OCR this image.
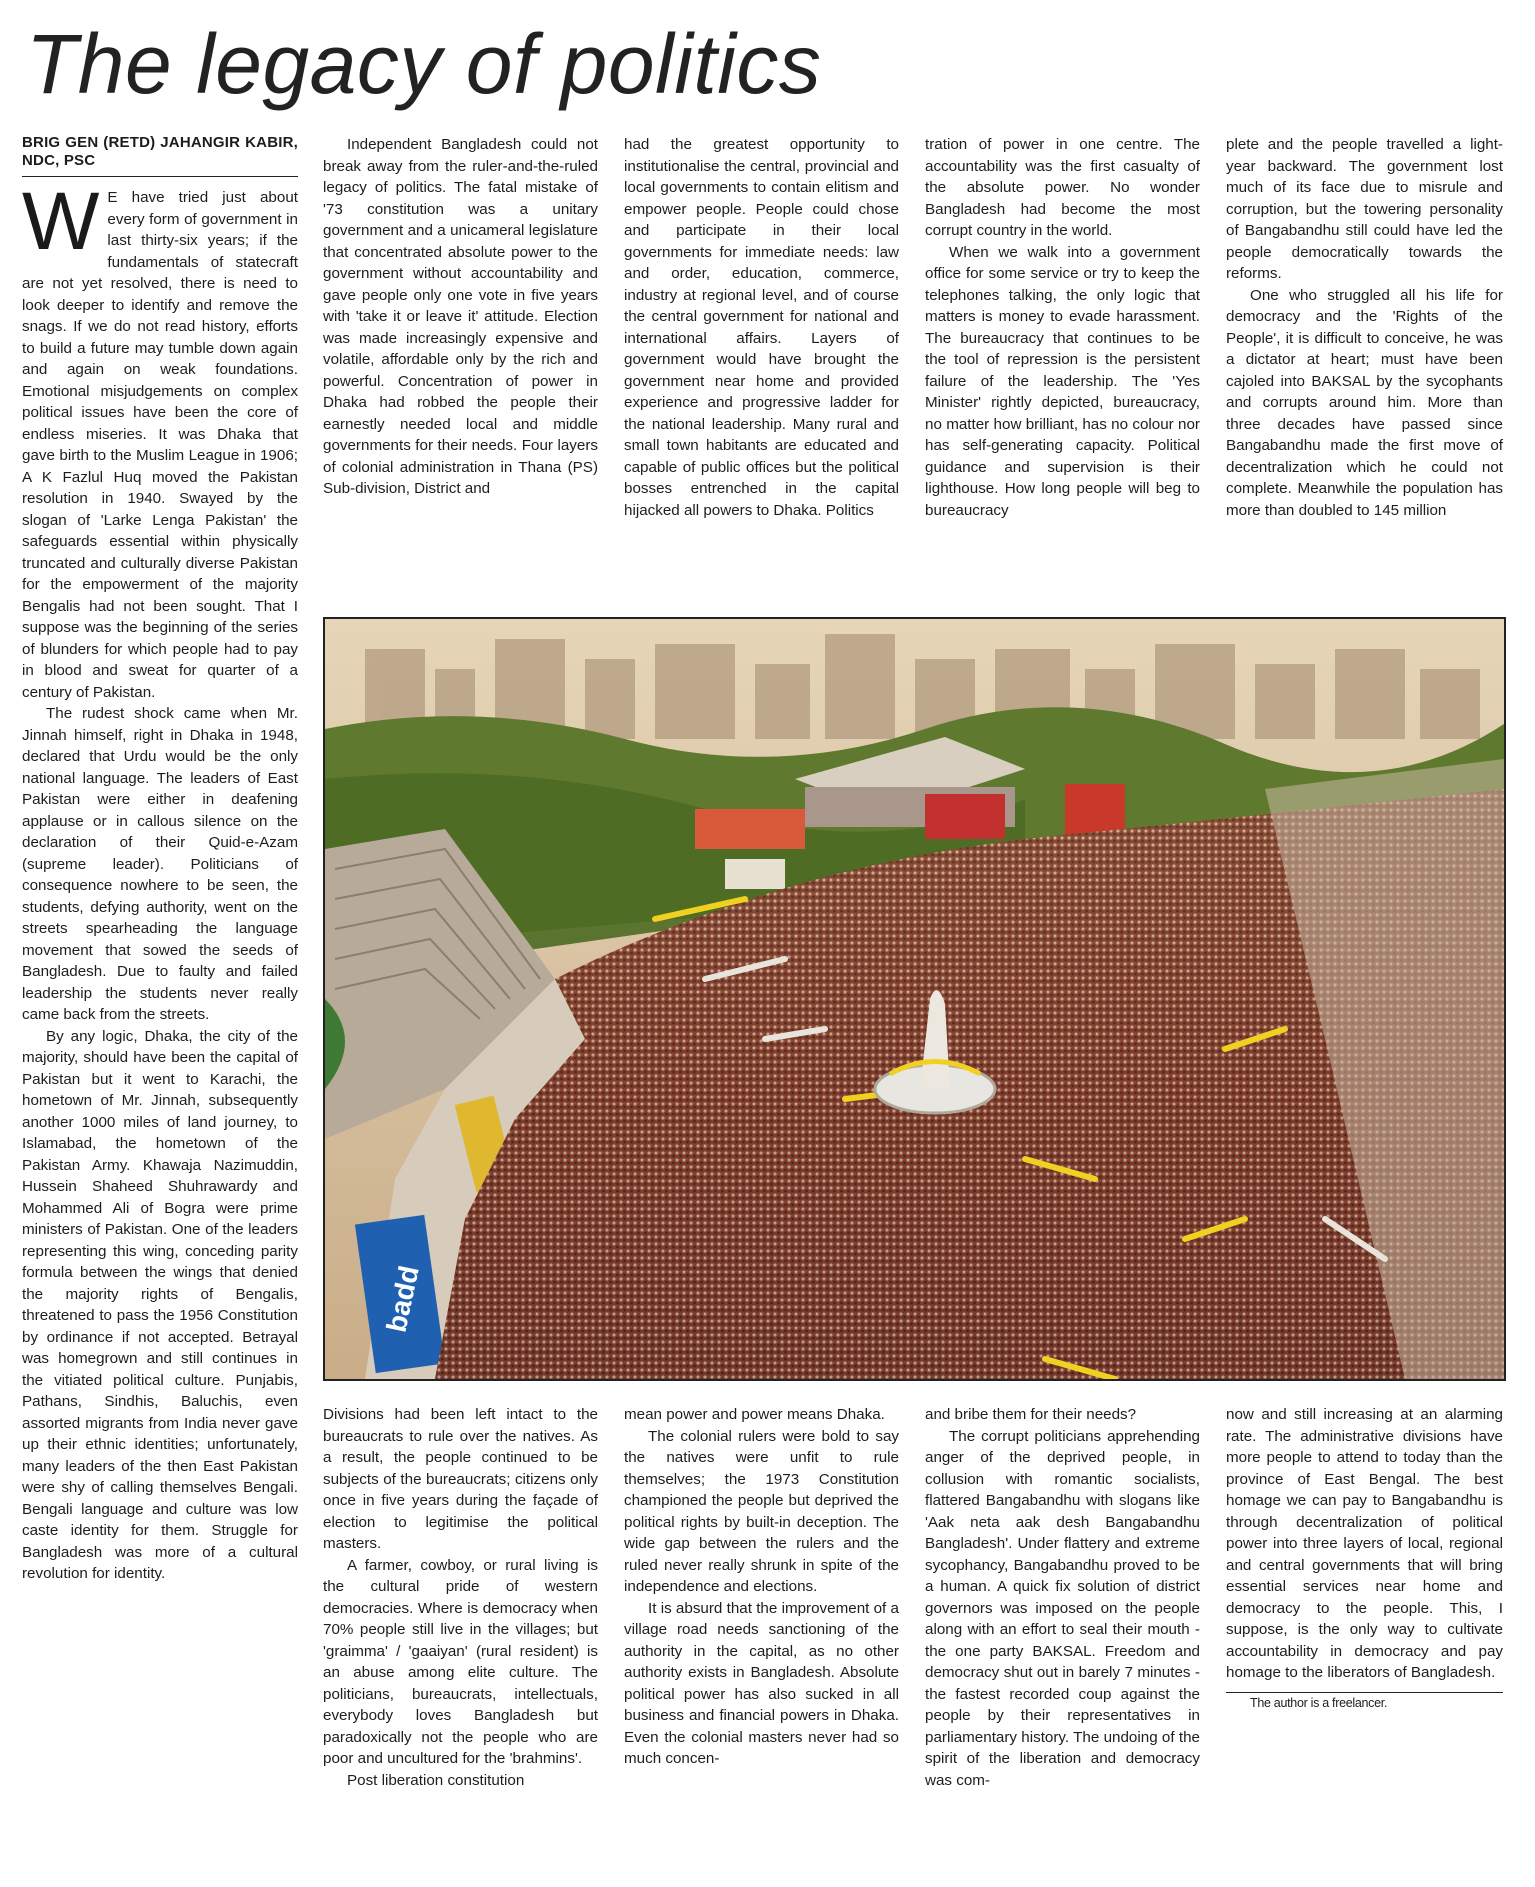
The legacy of politics
BRIG GEN (RETD) JAHANGIR KABIR, NDC, PSC

W E have tried just about every form of government in last thirty-six years; if the fundamentals of statecraft are not yet resolved, there is need to look deeper to identify and remove the snags. If we do not read history, efforts to build a future may tumble down again and again on weak foundations. Emotional misjudgements on complex political issues have been the core of endless miseries. It was Dhaka that gave birth to the Muslim League in 1906; A K Fazlul Huq moved the Pakistan resolution in 1940. Swayed by the slogan of 'Larke Lenga Pakistan' the safeguards essential within physically truncated and culturally diverse Pakistan for the empowerment of the majority Bengalis had not been sought. That I suppose was the beginning of the series of blunders for which people had to pay in blood and sweat for quarter of a century of Pakistan.

The rudest shock came when Mr. Jinnah himself, right in Dhaka in 1948, declared that Urdu would be the only national language. The leaders of East Pakistan were either in deafening applause or in callous silence on the declaration of their Quid-e-Azam (supreme leader). Politicians of consequence nowhere to be seen, the students, defying authority, went on the streets spearheading the language movement that sowed the seeds of Bangladesh. Due to faulty and failed leadership the students never really came back from the streets.

By any logic, Dhaka, the city of the majority, should have been the capital of Pakistan but it went to Karachi, the hometown of Mr. Jinnah, subsequently another 1000 miles of land journey, to Islamabad, the hometown of the Pakistan Army. Khawaja Nazimuddin, Hussein Shaheed Shuhrawardy and Mohammed Ali of Bogra were prime ministers of Pakistan. One of the leaders representing this wing, conceding parity formula between the wings that denied the majority rights of Bengalis, threatened to pass the 1956 Constitution by ordinance if not accepted. Betrayal was homegrown and still continues in the vitiated political culture. Punjabis, Pathans, Sindhis, Baluchis, even assorted migrants from India never gave up their ethnic identities; unfortunately, many leaders of the then East Pakistan were shy of calling themselves Bengali. Bengali language and culture was low caste identity for them. Struggle for Bangladesh was more of a cultural revolution for identity.

Independent Bangladesh could not break away from the ruler-and-the-ruled legacy of politics. The fatal mistake of '73 constitution was a unitary government and a unicameral legislature that concentrated absolute power to the government without accountability and gave people only one vote in five years with 'take it or leave it' attitude. Election was made increasingly expensive and volatile, affordable only by the rich and powerful. Concentration of power in Dhaka had robbed the people their earnestly needed local and middle governments for their needs. Four layers of colonial administration in Thana (PS) Sub-division, District and

had the greatest opportunity to institutionalise the central, provincial and local governments to contain elitism and empower people. People could chose and participate in their local governments for immediate needs: law and order, education, commerce, industry at regional level, and of course the central government for national and international affairs. Layers of government would have brought the government near home and provided experience and progressive ladder for the national leadership. Many rural and small town habitants are educated and capable of public offices but the political bosses entrenched in the capital hijacked all powers to Dhaka. Politics

tration of power in one centre. The accountability was the first casualty of the absolute power. No wonder Bangladesh had become the most corrupt country in the world.

When we walk into a government office for some service or try to keep the telephones talking, the only logic that matters is money to evade harassment. The bureaucracy that continues to be the tool of repression is the persistent failure of the leadership. The 'Yes Minister' rightly depicted, bureaucracy, no matter how brilliant, has no colour nor has self-generating capacity. Political guidance and supervision is their lighthouse. How long people will beg to bureaucracy

plete and the people travelled a light-year backward. The government lost much of its face due to misrule and corruption, but the towering personality of Bangabandhu still could have led the people democratically towards the reforms.

One who struggled all his life for democracy and the 'Rights of the People', it is difficult to conceive, he was a dictator at heart; must have been cajoled into BAKSAL by the sycophants and corrupts around him. More than three decades have passed since Bangabandhu made the first move of decentralization which he could not complete. Meanwhile the population has more than doubled to 145 million

badd

Divisions had been left intact to the bureaucrats to rule over the natives. As a result, the people continued to be subjects of the bureaucrats; citizens only once in five years during the façade of election to legitimise the political masters.

A farmer, cowboy, or rural living is the cultural pride of western democracies. Where is democracy when 70% people still live in the villages; but 'graimma' / 'gaaiyan' (rural resident) is an abuse among elite culture. The politicians, bureaucrats, intellectuals, everybody loves Bangladesh but paradoxically not the people who are poor and uncultured for the 'brahmins'.

Post liberation constitution

mean power and power means Dhaka.

The colonial rulers were bold to say the natives were unfit to rule themselves; the 1973 Constitution championed the people but deprived the political rights by built-in deception. The wide gap between the rulers and the ruled never really shrunk in spite of the independence and elections.

It is absurd that the improvement of a village road needs sanctioning of the authority in the capital, as no other authority exists in Bangladesh. Absolute political power has also sucked in all business and financial powers in Dhaka. Even the colonial masters never had so much concen-

and bribe them for their needs?

The corrupt politicians apprehending anger of the deprived people, in collusion with romantic socialists, flattered Bangabandhu with slogans like 'Aak neta aak desh Bangabandhu Bangladesh'. Under flattery and extreme sycophancy, Bangabandhu proved to be a human. A quick fix solution of district governors was imposed on the people along with an effort to seal their mouth - the one party BAKSAL. Freedom and democracy shut out in barely 7 minutes - the fastest recorded coup against the people by their representatives in parliamentary history. The undoing of the spirit of the liberation and democracy was com-

now and still increasing at an alarming rate. The administrative divisions have more people to attend to today than the province of East Bengal. The best homage we can pay to Bangabandhu is through decentralization of political power into three layers of local, regional and central governments that will bring essential services near home and democracy to the people. This, I suppose, is the only way to cultivate accountability in democracy and pay homage to the liberators of Bangladesh.

The author is a freelancer.
